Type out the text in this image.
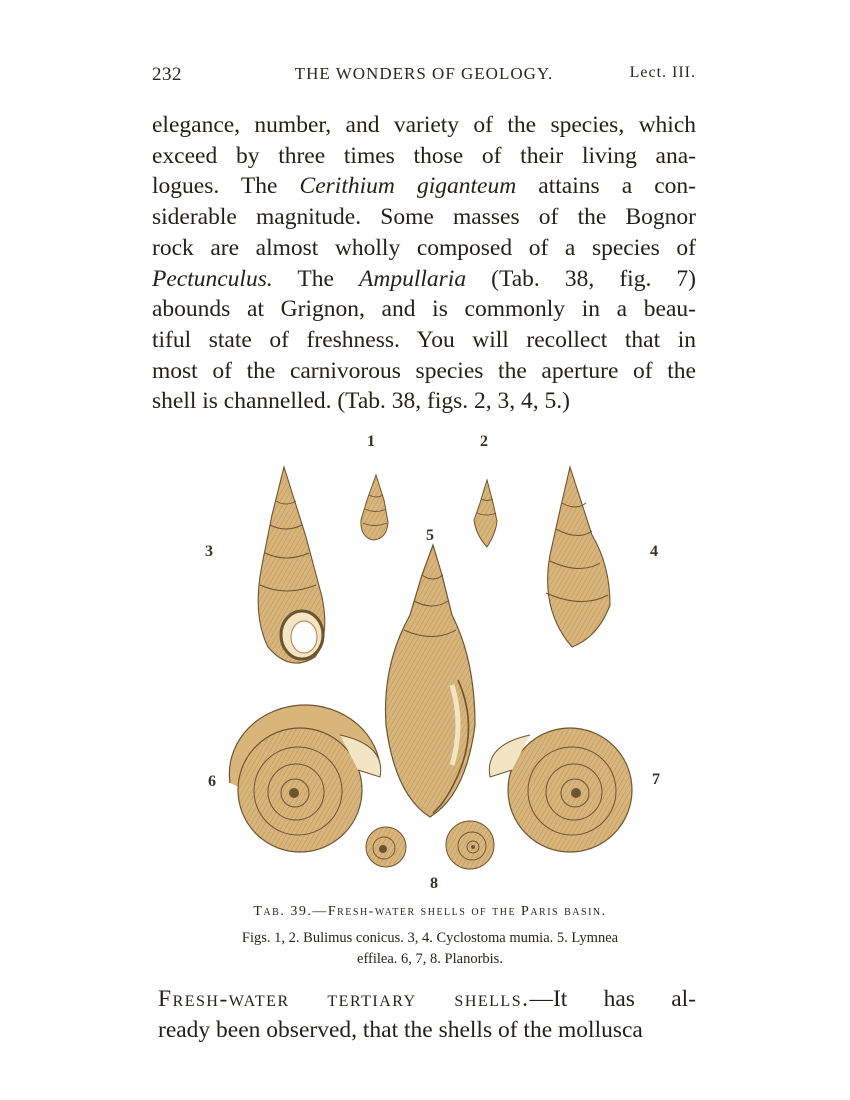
232	THE WONDERS OF GEOLOGY.	Lect. III.

elegance, number, and variety of the species, which
exceed by three times those of their living ana-
logues. The Cerithium giganteum attains a con-
siderable magnitude. Some masses of the Bognor
rock are almost wholly composed of a species of
Pectunculus. The Ampullaria (Tab. 38, fig. 7)
abounds at Grignon, and is commonly in a beau-
tiful state of freshness. You will recollect that in
most of the carnivorous species the aperture of the
shell is channelled. (Tab. 38, figs. 2, 3, 4, 5.)

1	2
3	4
5
6	7
8
Tab. 39.—Fresh-water shells of the Paris basin.
Figs. 1, 2. Bulimus conicus. 3, 4. Cyclostoma mumia. 5. Lymnea
effilea. 6, 7, 8. Planorbis.
Fresh-water tertiary shells.—It has al-
ready been observed, that the shells of the mollusca
